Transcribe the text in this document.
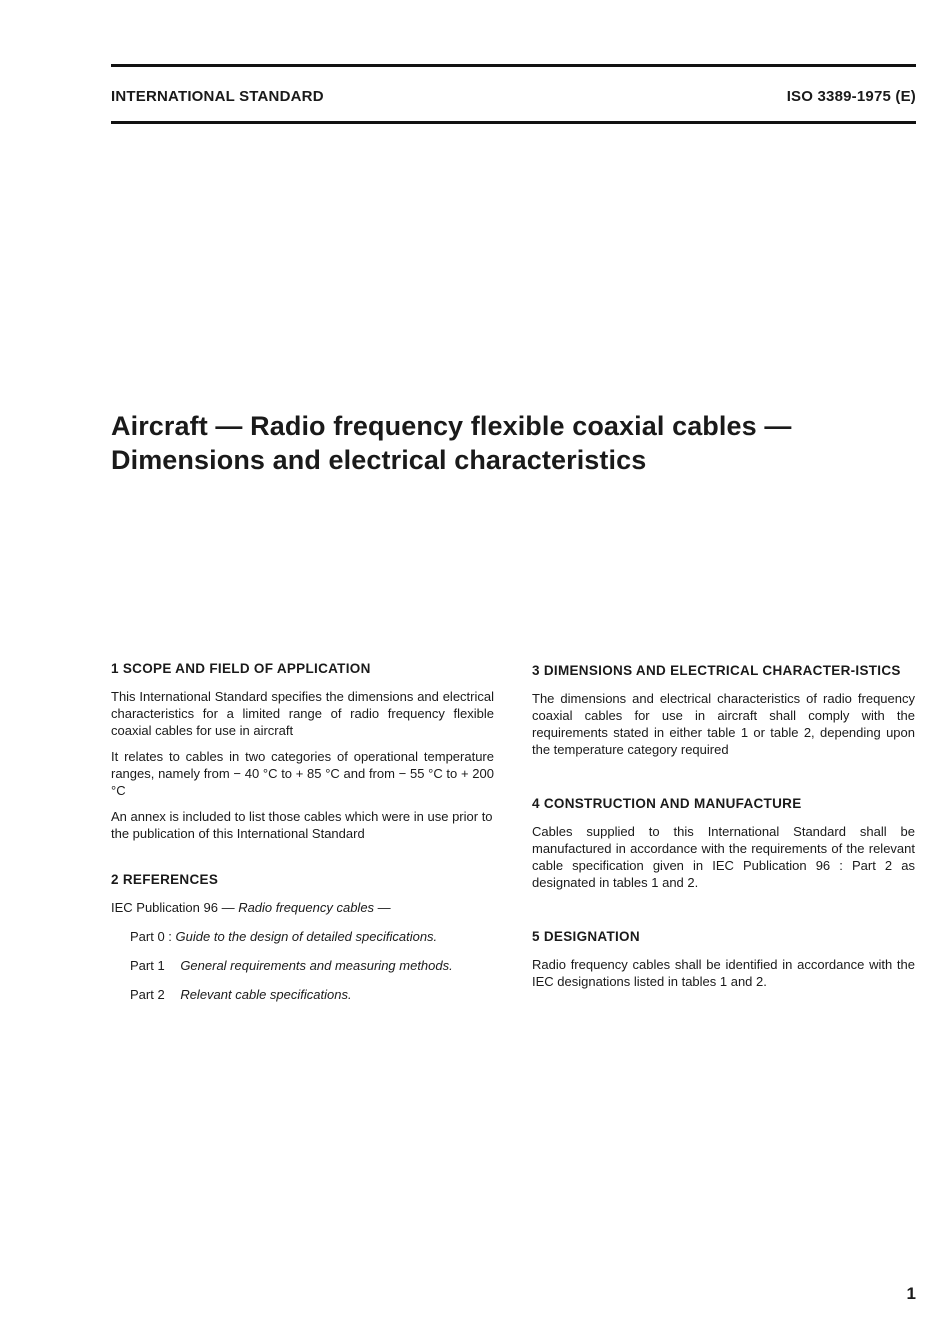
INTERNATIONAL STANDARD	ISO 3389-1975 (E)
Aircraft — Radio frequency flexible coaxial cables —
Dimensions and electrical characteristics
1 SCOPE AND FIELD OF APPLICATION

This International Standard specifies the dimensions and electrical characteristics for a limited range of radio frequency flexible coaxial cables for use in aircraft

It relates to cables in two categories of operational temperature ranges, namely from − 40 °C to + 85 °C and from − 55 °C to + 200 °C

An annex is included to list those cables which were in use prior to the publication of this International Standard

2 REFERENCES

IEC Publication 96 — Radio frequency cables —

Part 0 : Guide to the design of detailed specifications.
Part 1 General requirements and measuring methods.
Part 2 Relevant cable specifications.
3 DIMENSIONS AND ELECTRICAL CHARACTER-ISTICS

The dimensions and electrical characteristics of radio frequency coaxial cables for use in aircraft shall comply with the requirements stated in either table 1 or table 2, depending upon the temperature category required

4 CONSTRUCTION AND MANUFACTURE

Cables supplied to this International Standard shall be manufactured in accordance with the requirements of the relevant cable specification given in IEC Publication 96 : Part 2 as designated in tables 1 and 2.

5 DESIGNATION

Radio frequency cables shall be identified in accordance with the IEC designations listed in tables 1 and 2.

1
